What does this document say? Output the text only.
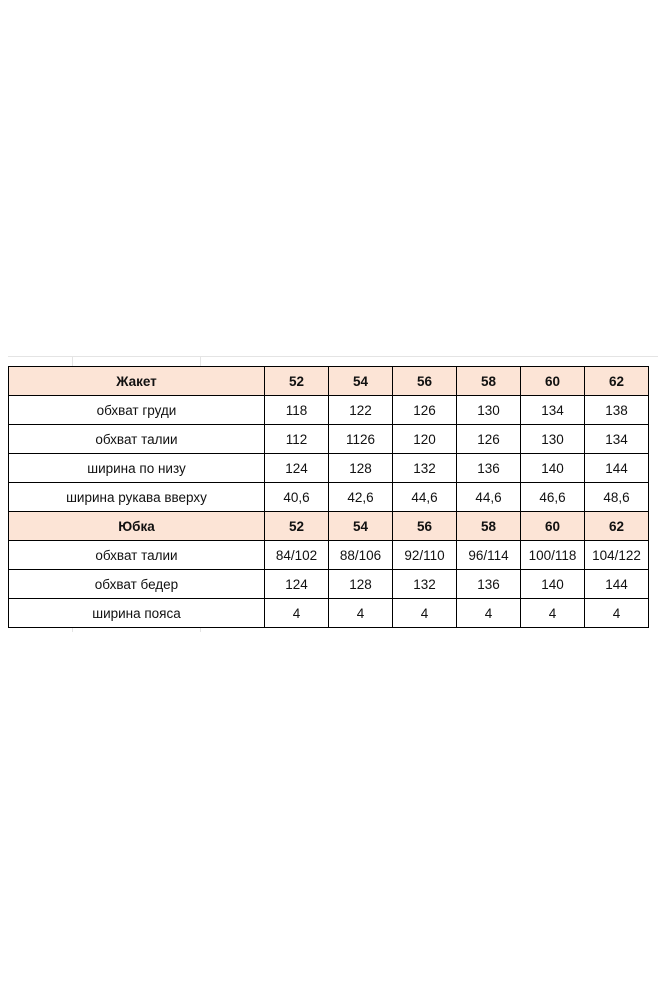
Жакет	52	54	56	58	60	62
обхват груди	118	122	126	130	134	138
обхват талии	112	1126	120	126	130	134
ширина по низу	124	128	132	136	140	144
ширина рукава вверху	40,6	42,6	44,6	44,6	46,6	48,6
Юбка	52	54	56	58	60	62
обхват талии	84/102	88/106	92/110	96/114	100/118	104/122
обхват бедер	124	128	132	136	140	144
ширина пояса	4	4	4	4	4	4
